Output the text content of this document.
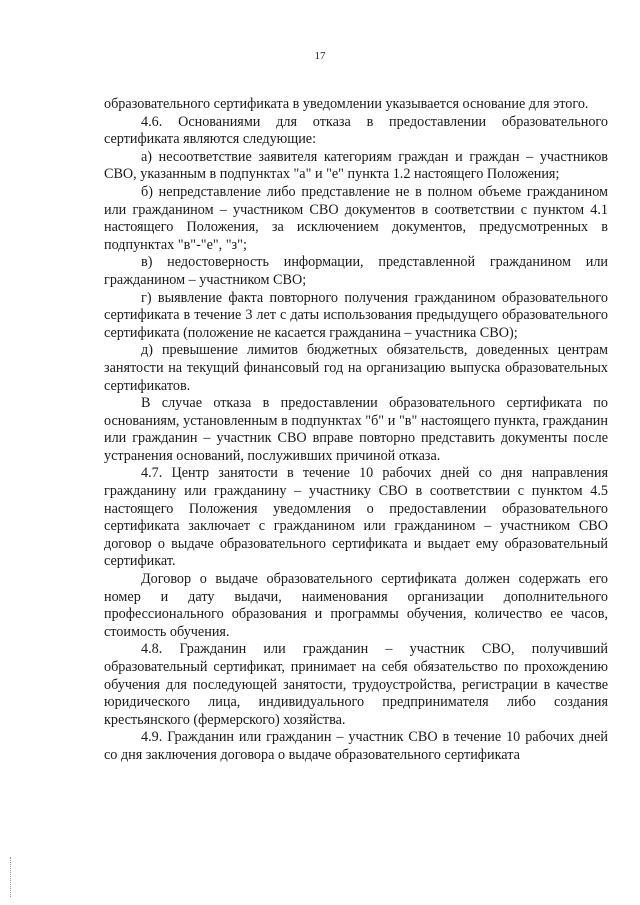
17

образовательного сертификата в уведомлении указывается основание для этого.

4.6. Основаниями для отказа в предоставлении образовательного сертификата являются следующие:

а) несоответствие заявителя категориям граждан и граждан – участников СВО, указанным в подпунктах "а" и "е" пункта 1.2 настоящего Положения;

б) непредставление либо представление не в полном объеме гражданином или гражданином – участником СВО документов в соответствии с пунктом 4.1 настоящего Положения, за исключением документов, предусмотренных в подпунктах "в"-"е", "з";

в) недостоверность информации, представленной гражданином или гражданином – участником СВО;

г) выявление факта повторного получения гражданином образовательного сертификата в течение 3 лет с даты использования предыдущего образовательного сертификата (положение не касается гражданина – участника СВО);

д) превышение лимитов бюджетных обязательств, доведенных центрам занятости на текущий финансовый год на организацию выпуска образовательных сертификатов.

В случае отказа в предоставлении образовательного сертификата по основаниям, установленным в подпунктах "б" и "в" настоящего пункта, гражданин или гражданин – участник СВО вправе повторно представить документы после устранения оснований, послуживших причиной отказа.

4.7. Центр занятости в течение 10 рабочих дней со дня направления гражданину или гражданину – участнику СВО в соответствии с пунктом 4.5 настоящего Положения уведомления о предоставлении образовательного сертификата заключает с гражданином или гражданином – участником СВО договор о выдаче образовательного сертификата и выдает ему образовательный сертификат.

Договор о выдаче образовательного сертификата должен содержать его номер и дату выдачи, наименования организации дополнительного профессионального образования и программы обучения, количество ее часов, стоимость обучения.

4.8. Гражданин или гражданин – участник СВО, получивший образовательный сертификат, принимает на себя обязательство по прохождению обучения для последующей занятости, трудоустройства, регистрации в качестве юридического лица, индивидуального предпринимателя либо создания крестьянского (фермерского) хозяйства.

4.9. Гражданин или гражданин – участник СВО в течение 10 рабочих дней со дня заключения договора о выдаче образовательного сертификата
